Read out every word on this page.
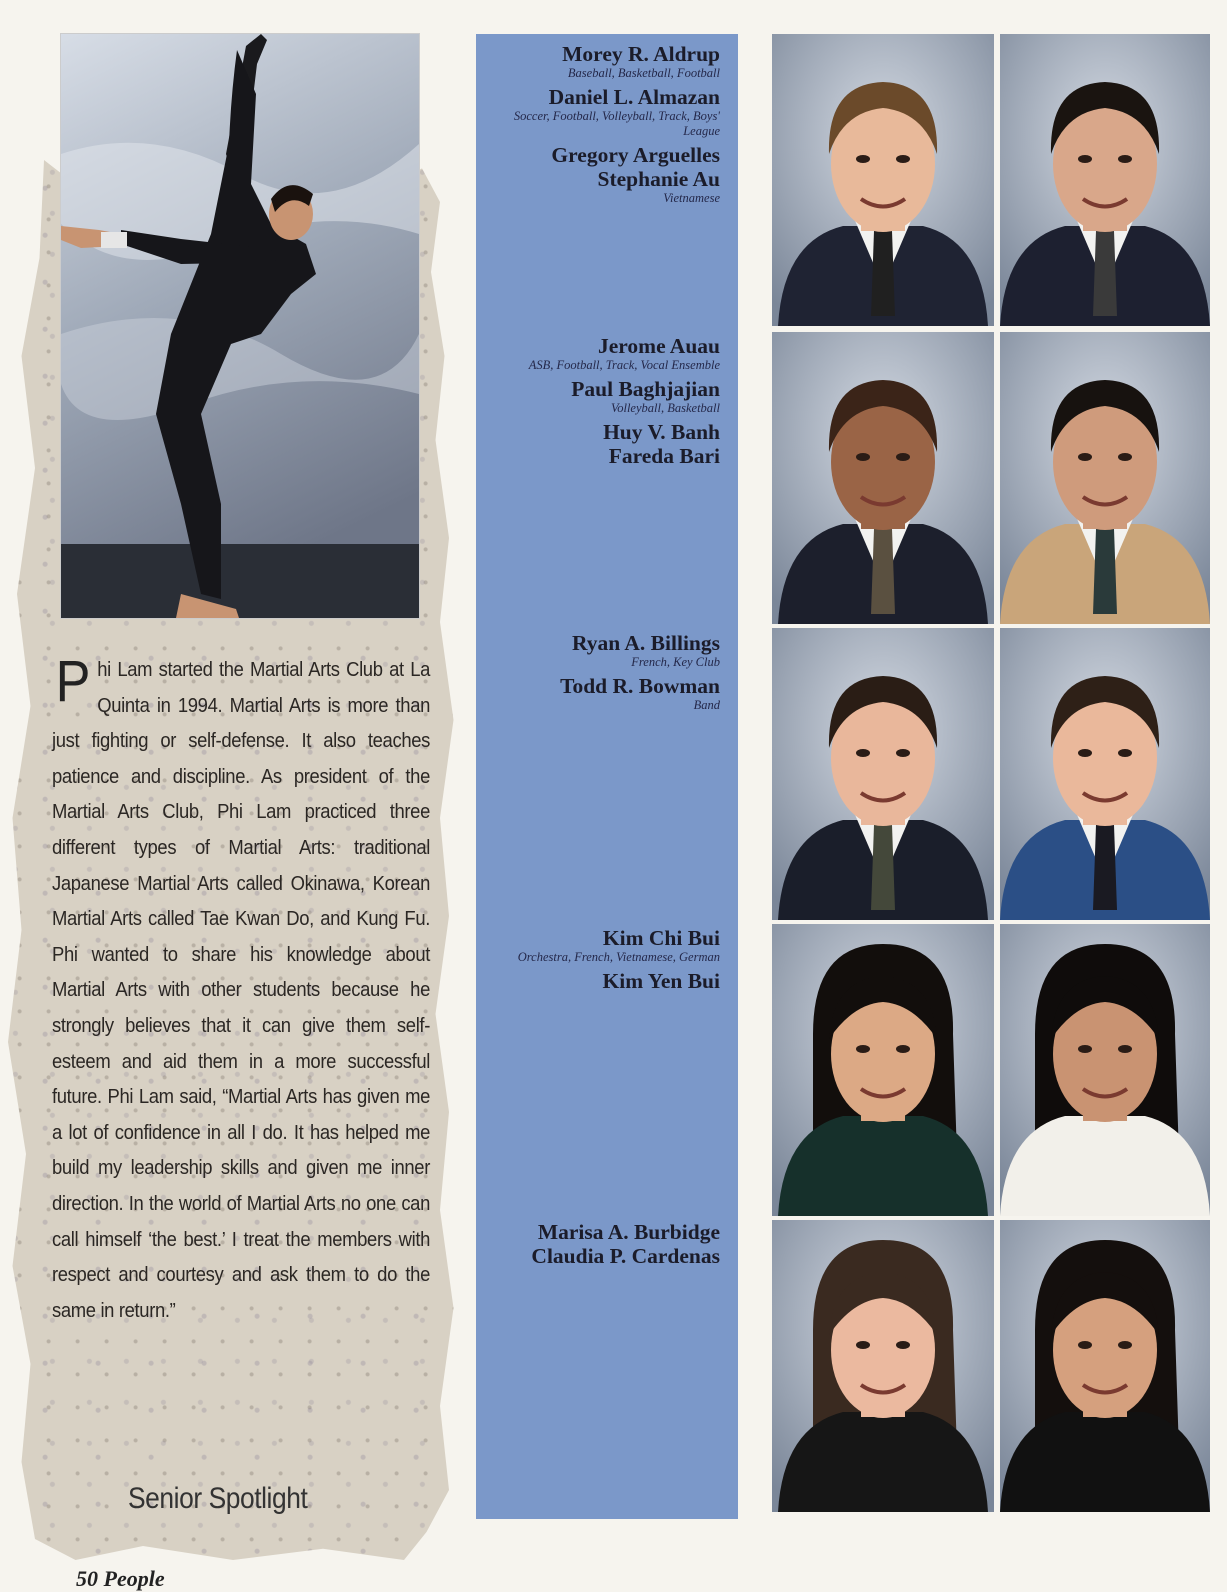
Phi Lam started the Martial Arts Club at La Quinta in 1994. Martial Arts is more than just fighting or self-defense. It also teaches patience and discipline. As president of the Martial Arts Club, Phi Lam practiced three different types of Martial Arts: traditional Japanese Martial Arts called Okinawa, Korean Martial Arts called Tae Kwan Do, and Kung Fu. Phi wanted to share his knowledge about Martial Arts with other students because he strongly believes that it can give them self-esteem and aid them in a more successful future. Phi Lam said, “Martial Arts has given me a lot of confidence in all I do. It has helped me build my leadership skills and given me inner direction. In the world of Martial Arts no one can call himself ‘the best.’ I treat the members with respect and courtesy and ask them to do the same in return.”
Senior Spotlight
50 People
Morey R. Aldrup
Baseball, Basketball, Football
Daniel L. Almazan
Soccer, Football, Volleyball, Track, Boys' League
Gregory Arguelles
Stephanie Au
Vietnamese
Jerome Auau
ASB, Football, Track, Vocal Ensemble
Paul Baghjajian
Volleyball, Basketball
Huy V. Banh
Fareda Bari
Ryan A. Billings
French, Key Club
Todd R. Bowman
Band
Kim Chi Bui
Orchestra, French, Vietnamese, German
Kim Yen Bui
Marisa A. Burbidge
Claudia P. Cardenas
